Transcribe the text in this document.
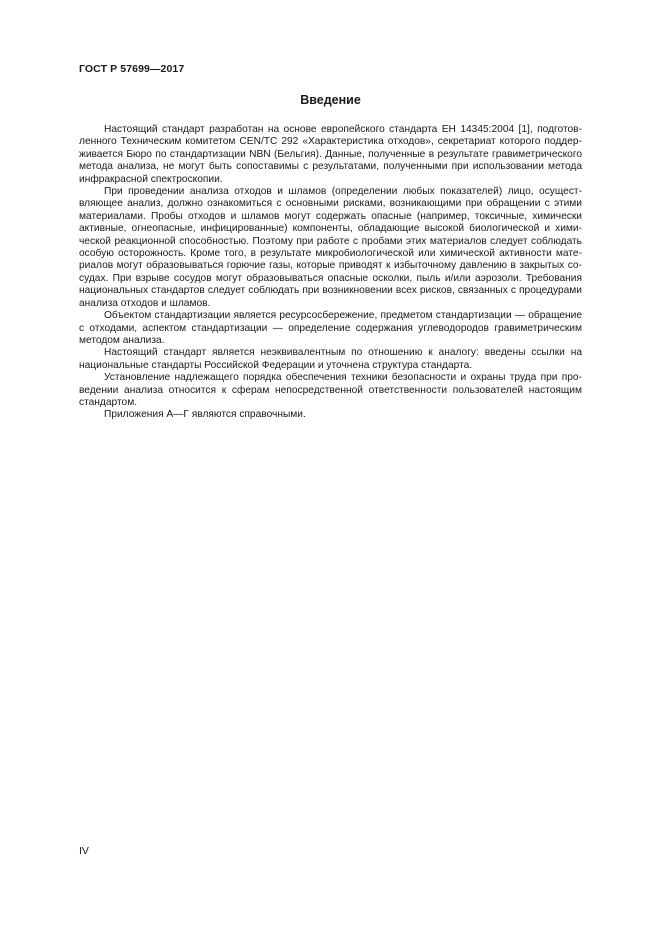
ГОСТ Р 57699—2017
Введение

Настоящий стандарт разработан на основе европейского стандарта ЕН 14345:2004 [1], подготовленного Техническим комитетом CEN/TC 292 «Характеристика отходов», секретариат которого поддерживается Бюро по стандартизации NBN (Бельгия). Данные, полученные в результате гравиметрического метода анализа, не могут быть сопоставимы с результатами, полученными при использовании метода инфракрасной спектроскопии.

При проведении анализа отходов и шламов (определении любых показателей) лицо, осуществляющее анализ, должно ознакомиться с основными рисками, возникающими при обращении с этими материалами. Пробы отходов и шламов могут содержать опасные (например, токсичные, химически активные, огнеопасные, инфицированные) компоненты, обладающие высокой биологической и химической реакционной способностью. Поэтому при работе с пробами этих материалов следует соблюдать особую осторожность. Кроме того, в результате микробиологической или химической активности материалов могут образовываться горючие газы, которые приводят к избыточному давлению в закрытых сосудах. При взрыве сосудов могут образовываться опасные осколки, пыль и/или аэрозоли. Требования национальных стандартов следует соблюдать при возникновении всех рисков, связанных с процедурами анализа отходов и шламов.

Объектом стандартизации является ресурсосбережение, предметом стандартизации — обращение с отходами, аспектом стандартизации — определение содержания углеводородов гравиметрическим методом анализа.

Настоящий стандарт является неэквивалентным по отношению к аналогу: введены ссылки на национальные стандарты Российской Федерации и уточнена структура стандарта.

Установление надлежащего порядка обеспечения техники безопасности и охраны труда при проведении анализа относится к сферам непосредственной ответственности пользователей настоящим стандартом.

Приложения А—Г являются справочными.

IV
